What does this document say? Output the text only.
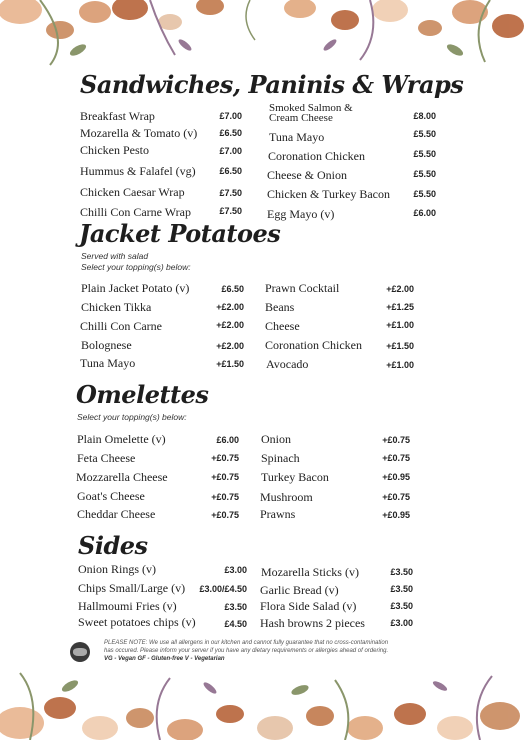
Sandwiches, Paninis & Wraps
Breakfast Wrap	£7.00
Mozarella & Tomato (v)	£6.50
Chicken Pesto	£7.00
Hummus & Falafel (vg)	£6.50
Chicken Caesar Wrap	£7.50
Chilli Con Carne Wrap	£7.50
Smoked Salmon &
Cream Cheese	£8.00
Tuna Mayo	£5.50
Coronation Chicken	£5.50
Cheese & Onion	£5.50
Chicken & Turkey Bacon	£5.50
Egg Mayo (v)	£6.00
Jacket Potatoes
Served with salad
Select your topping(s) below:
Plain Jacket Potato (v)	£6.50
Chicken Tikka	+£2.00
Chilli Con Carne	+£2.00
Bolognese	+£2.00
Tuna Mayo	+£1.50
Prawn Cocktail	+£2.00
Beans	+£1.25
Cheese	+£1.00
Coronation Chicken	+£1.50
Avocado	+£1.00
Omelettes
Select your topping(s) below:
Plain Omelette (v)	£6.00
Feta Cheese	+£0.75
Mozzarella Cheese	+£0.75
Goat's Cheese	+£0.75
Cheddar Cheese	+£0.75
Onion	+£0.75
Spinach	+£0.75
Turkey Bacon	+£0.95
Mushroom	+£0.75
Prawns	+£0.95
Sides
Onion Rings (v)	£3.00
Chips Small/Large (v)	£3.00/£4.50
Hallmoumi Fries (v)	£3.50
Sweet potatoes chips (v)	£4.50
Mozarella Sticks (v)	£3.50
Garlic Bread (v)	£3.50
Flora Side Salad (v)	£3.50
Hash browns 2 pieces	£3.00
PLEASE NOTE: We use all allergens in our kitchen and cannot fully guarantee that no cross-contamination
has occured. Please inform your server if you have any dietary requirements or allergies ahead of ordering.
VG - Vegan GF - Gluten-free V - Vegetarian
